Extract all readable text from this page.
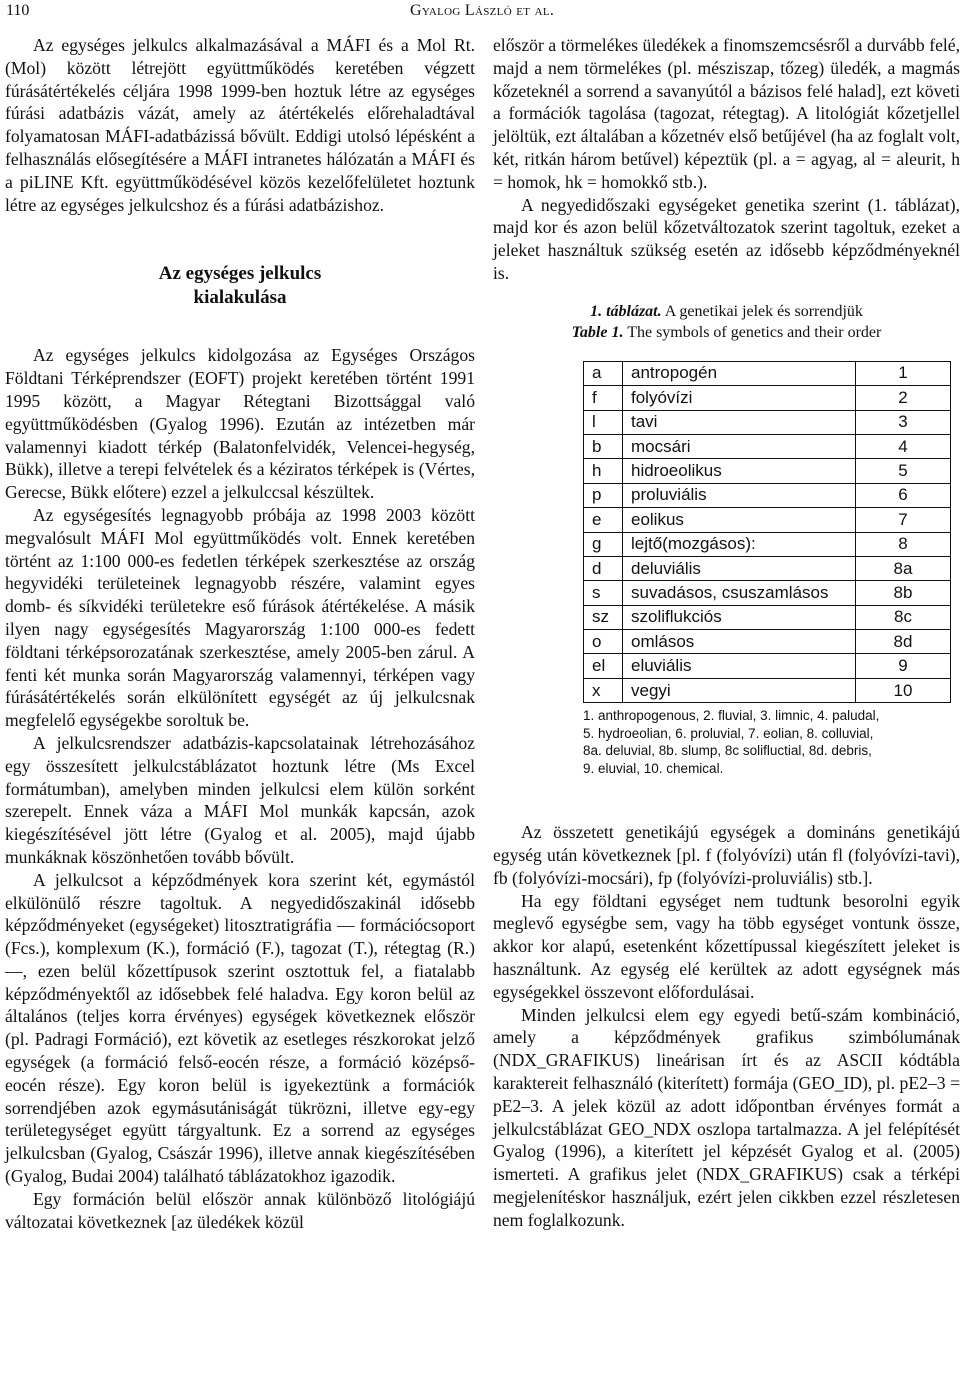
110	Gyalog László et al.

Az egységes jelkulcs alkalmazásával a MÁFI és a Mol Rt. (Mol) között létrejött együttműködés keretében végzett fúrásátértékelés céljára 1998 1999-ben hoztuk létre az egységes fúrási adatbázis vázát, amely az átértékelés előrehaladtával folyamatosan MÁFI-adatbázissá bővült. Eddigi utolsó lépésként a felhasználás elősegítésére a MÁFI intranetes hálózatán a MÁFI és a piLINE Kft. együttműködésével közös kezelőfelületet hoztunk létre az egységes jelkulcshoz és a fúrási adatbázishoz.

Az egységes jelkulcs
kialakulása

Az egységes jelkulcs kidolgozása az Egységes Országos Földtani Térképrendszer (EOFT) projekt keretében történt 1991 1995 között, a Magyar Rétegtani Bizottsággal való együttműködésben (Gyalog 1996). Ezután az intézetben már valamennyi kiadott térkép (Balatonfelvidék, Velencei-hegység, Bükk), illetve a terepi felvételek és a kéziratos térképek is (Vértes, Gerecse, Bükk előtere) ezzel a jelkulccsal készültek.

Az egységesítés legnagyobb próbája az 1998 2003 között megvalósult MÁFI Mol együttműködés volt. Ennek keretében történt az 1:100 000-es fedetlen térképek szerkesztése az ország hegyvidéki területeinek legnagyobb részére, valamint egyes domb- és síkvidéki területekre eső fúrások átértékelése. A másik ilyen nagy egységesítés Magyarország 1:100 000-es fedett földtani térképsorozatának szerkesztése, amely 2005-ben zárul. A fenti két munka során Magyarország valamennyi, térképen vagy fúrásátértékelés során elkülönített egységét az új jelkulcsnak megfelelő egységekbe soroltuk be.

A jelkulcsrendszer adatbázis-kapcsolatainak létrehozásához egy összesített jelkulcstáblázatot hoztunk létre (Ms Excel formátumban), amelyben minden jelkulcsi elem külön sorként szerepelt. Ennek váza a MÁFI Mol munkák kapcsán, azok kiegészítésével jött létre (Gyalog et al. 2005), majd újabb munkáknak köszönhetően tovább bővült.

A jelkulcsot a képződmények kora szerint két, egymástól elkülönülő részre tagoltuk. A negyedidőszakinál idősebb képződményeket (egységeket) litosztratigráfia — formációcsoport (Fcs.), komplexum (K.), formáció (F.), tagozat (T.), rétegtag (R.) —, ezen belül kőzettípusok szerint osztottuk fel, a fiatalabb képződményektől az idősebbek felé haladva. Egy koron belül az általános (teljes korra érvényes) egységek következnek először (pl. Padragi Formáció), ezt követik az esetleges részkorokat jelző egységek (a formáció felső-eocén része, a formáció középső-eocén része). Egy koron belül is igyekeztünk a formációk sorrendjében azok egymásutániságát tükrözni, illetve egy-egy területegységet együtt tárgyaltunk. Ez a sorrend az egységes jelkulcsban (Gyalog, Császár 1996), illetve annak kiegészítésében (Gyalog, Budai 2004) található táblázatokhoz igazodik.

Egy formáción belül először annak különböző litológiájú változatai következnek [az üledékek közül

először a törmelékes üledékek a finomszemcsésről a durvább felé, majd a nem törmelékes (pl. mésziszap, tőzeg) üledék, a magmás kőzeteknél a sorrend a savanyútól a bázisos felé halad], ezt követi a formációk tagolása (tagozat, rétegtag). A litológiát kőzetjellel jelöltük, ezt általában a kőzetnév első betűjével (ha az foglalt volt, két, ritkán három betűvel) képeztük (pl. a = agyag, al = aleurit, h = homok, hk = homokkő stb.).

A negyedidőszaki egységeket genetika szerint (1. táblázat), majd kor és azon belül kőzetváltozatok szerint tagoltuk, ezeket a jeleket használtuk szükség esetén az idősebb képződményeknél is.

1. táblázat. A genetikai jelek és sorrendjük
Table 1. The symbols of genetics and their order
a	antropogén	1
f	folyóvízi	2
l	tavi	3
b	mocsári	4
h	hidroeolikus	5
p	proluviális	6
e	eolikus	7
g	lejtő(mozgásos):	8
d	deluviális	8a
s	suvadásos, csuszamlásos	8b
sz	szoliflukciós	8c
o	omlásos	8d
el	eluviális	9
x	vegyi	10
1. anthropogenous, 2. fluvial, 3. limnic, 4. paludal, 5. hydroeolian, 6. proluvial, 7. eolian, 8. colluvial, 8a. deluvial, 8b. slump, 8c solifluctial, 8d. debris, 9. eluvial, 10. chemical.

Az összetett genetikájú egységek a domináns genetikájú egység után következnek [pl. f (folyóvízi) után fl (folyóvízi-tavi), fb (folyóvízi-mocsári), fp (folyóvízi-proluviális) stb.].

Ha egy földtani egységet nem tudtunk besorolni egyik meglevő egységbe sem, vagy ha több egységet vontunk össze, akkor kor alapú, esetenként kőzettípussal kiegészített jeleket is használtunk. Az egység elé kerültek az adott egységnek más egységekkel összevont előfordulásai.

Minden jelkulcsi elem egy egyedi betű-szám kombináció, amely a képződmények grafikus szimbólumának (NDX_GRAFIKUS) lineárisan írt és az ASCII kódtábla karaktereit felhasználó (kiterített) formája (GEO_ID), pl. pE2–3 = pE2–3. A jelek közül az adott időpontban érvényes formát a jelkulcstáblázat GEO_NDX oszlopa tartalmazza. A jel felépítését Gyalog (1996), a kiterített jel képzését Gyalog et al. (2005) ismerteti. A grafikus jelet (NDX_GRAFIKUS) csak a térképi megjelenítéskor használjuk, ezért jelen cikkben ezzel részletesen nem foglalkozunk.
